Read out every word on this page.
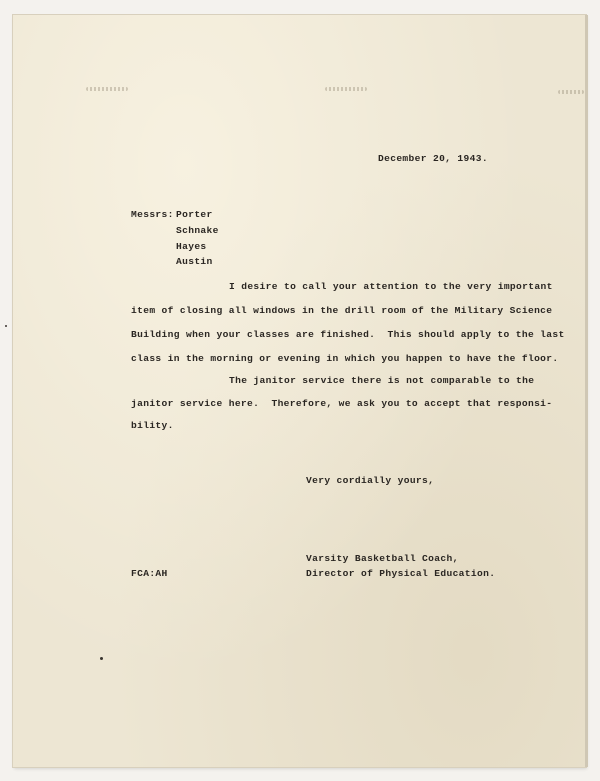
December 20, 1943.
Messrs: Porter
Schnake
Hayes
Austin
I desire to call your attention to the very important
item of closing all windows in the drill room of the Military Science
Building when your classes are finished.  This should apply to the last
class in the morning or evening in which you happen to have the floor.
The janitor service there is not comparable to the
janitor service here.  Therefore, we ask you to accept that responsi-
bility.
Very cordially yours,
Varsity Basketball Coach,
Director of Physical Education.
FCA:AH
